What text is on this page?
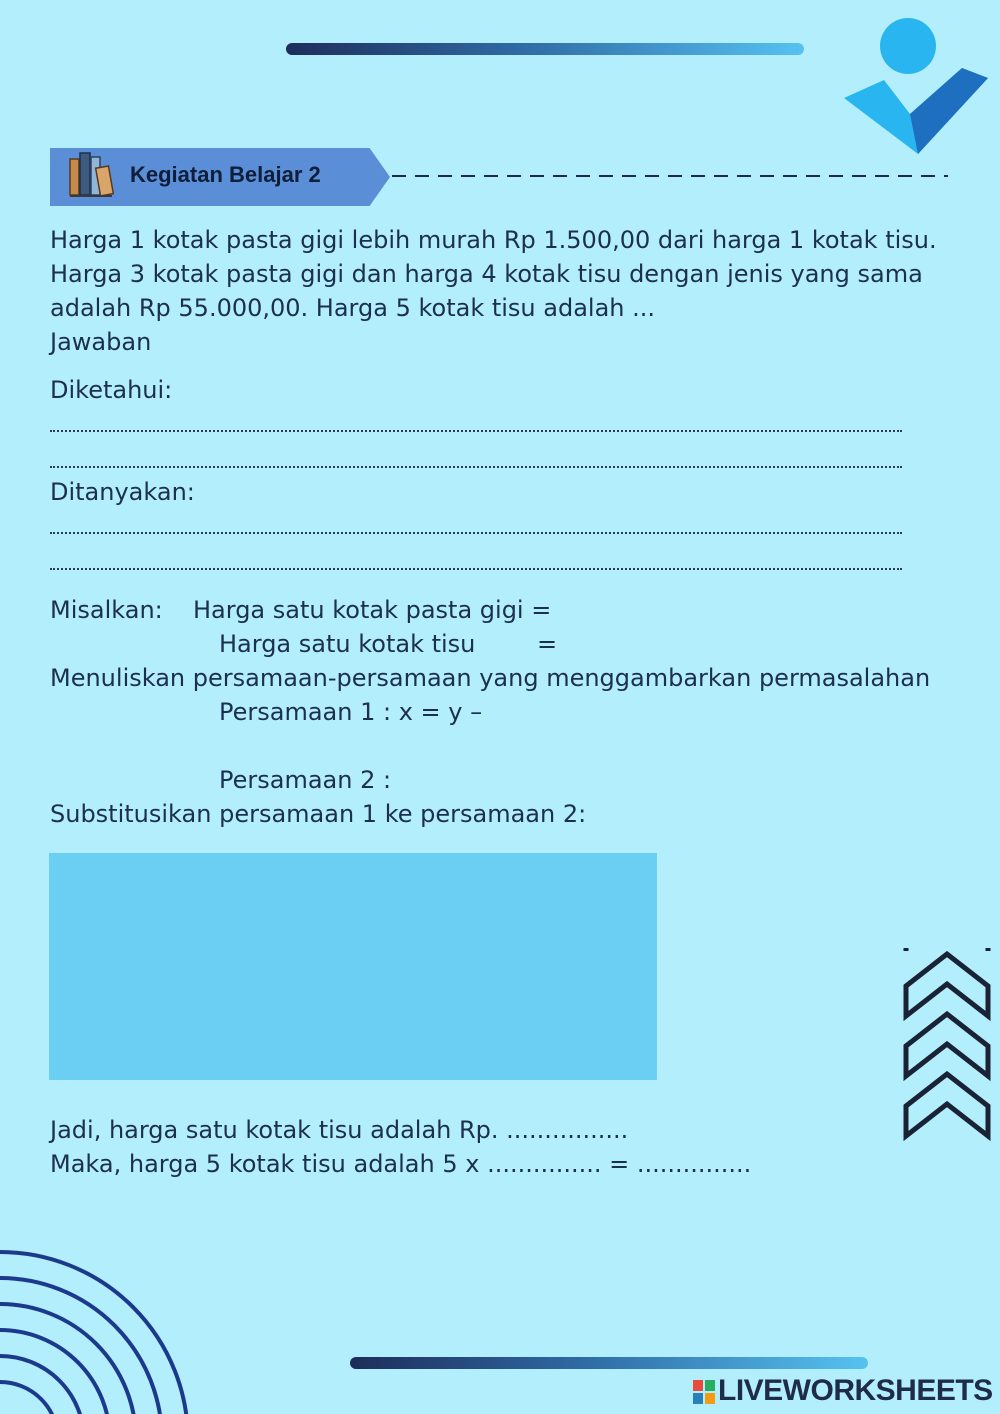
Kegiatan Belajar 2
Harga 1 kotak pasta gigi lebih murah Rp 1.500,00 dari harga 1 kotak tisu.
Harga 3 kotak pasta gigi dan harga 4 kotak tisu dengan jenis yang sama
adalah Rp 55.000,00. Harga 5 kotak tisu adalah ...
Jawaban
Diketahui:
Ditanyakan:
Misalkan: Harga satu kotak pasta gigi =
Harga satu kotak tisu	=
Menuliskan persamaan-persamaan yang menggambarkan permasalahan
Persamaan 1 : x = y –
Persamaan 2 :
Substitusikan persamaan 1 ke persamaan 2:
Jadi, harga satu kotak tisu adalah Rp. ................
Maka, harga 5 kotak tisu adalah 5 x ............... = ...............
LIVEWORKSHEETS
